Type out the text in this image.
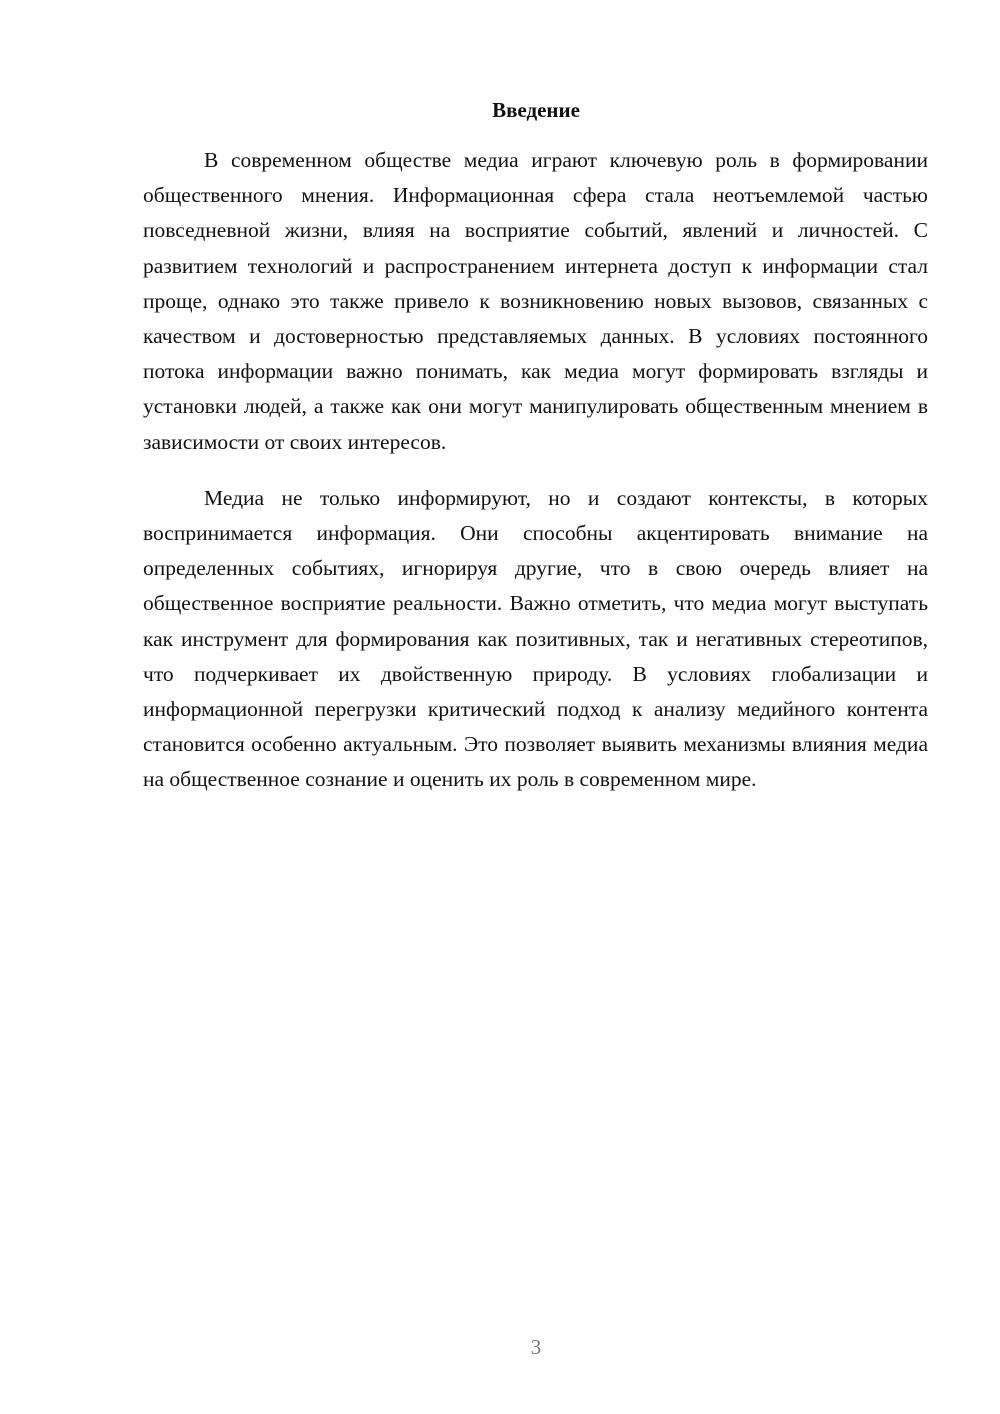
Введение

В современном обществе медиа играют ключевую роль в формировании общественного мнения. Информационная сфера стала неотъемлемой частью повседневной жизни, влияя на восприятие событий, явлений и личностей. С развитием технологий и распространением интернета доступ к информации стал проще, однако это также привело к возникновению новых вызовов, связанных с качеством и достоверностью представляемых данных. В условиях постоянного потока информации важно понимать, как медиа могут формировать взгляды и установки людей, а также как они могут манипулировать общественным мнением в зависимости от своих интересов.

Медиа не только информируют, но и создают контексты, в которых воспринимается информация. Они способны акцентировать внимание на определенных событиях, игнорируя другие, что в свою очередь влияет на общественное восприятие реальности. Важно отметить, что медиа могут выступать как инструмент для формирования как позитивных, так и негативных стереотипов, что подчеркивает их двойственную природу. В условиях глобализации и информационной перегрузки критический подход к анализу медийного контента становится особенно актуальным. Это позволяет выявить механизмы влияния медиа на общественное сознание и оценить их роль в современном мире.

3
